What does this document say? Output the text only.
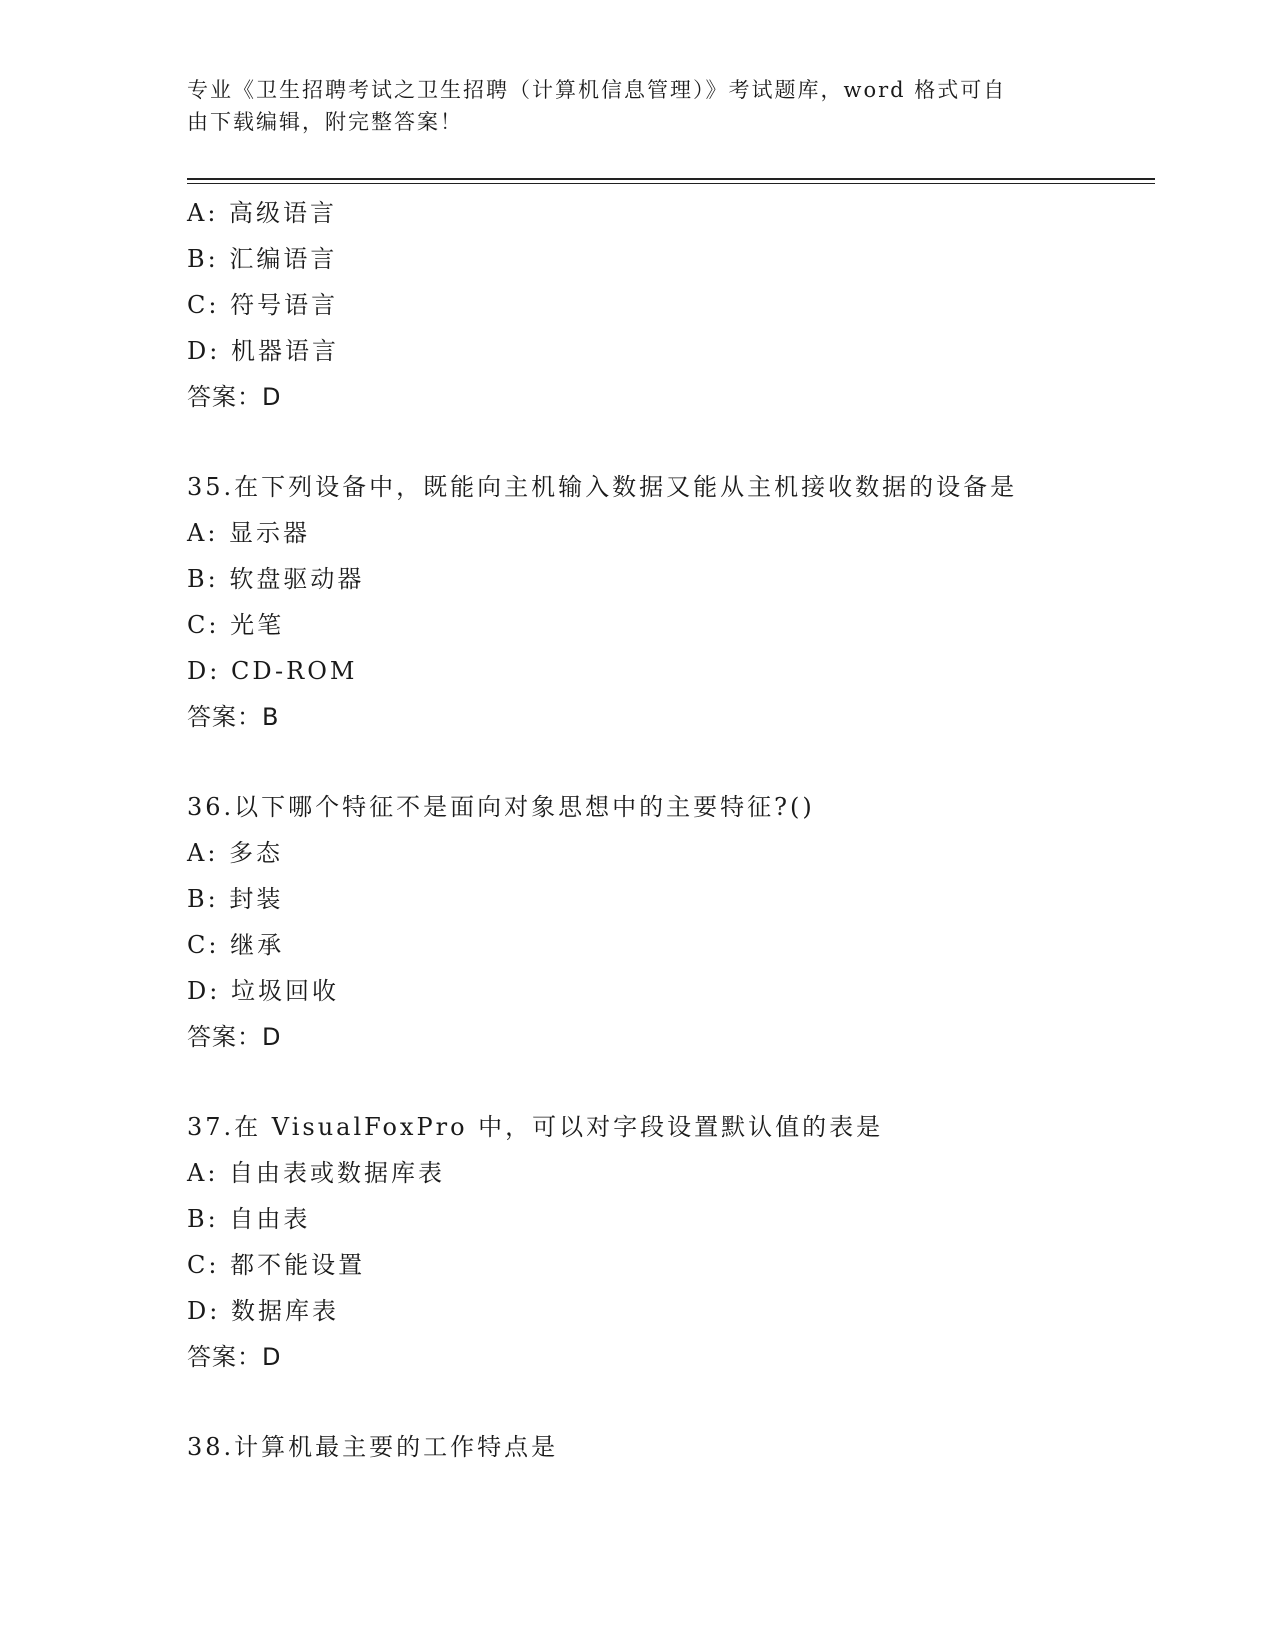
专业《卫生招聘考试之卫生招聘（计算机信息管理）》考试题库，word 格式可自
由下载编辑，附完整答案！
A: 高级语言
B: 汇编语言
C: 符号语言
D: 机器语言
答案：D
35.在下列设备中，既能向主机输入数据又能从主机接收数据的设备是
A: 显示器
B: 软盘驱动器
C: 光笔
D: CD-ROM
答案：B
36.以下哪个特征不是面向对象思想中的主要特征?()
A: 多态
B: 封装
C: 继承
D: 垃圾回收
答案：D
37.在 VisualFoxPro 中，可以对字段设置默认值的表是
A: 自由表或数据库表
B: 自由表
C: 都不能设置
D: 数据库表
答案：D
38.计算机最主要的工作特点是
